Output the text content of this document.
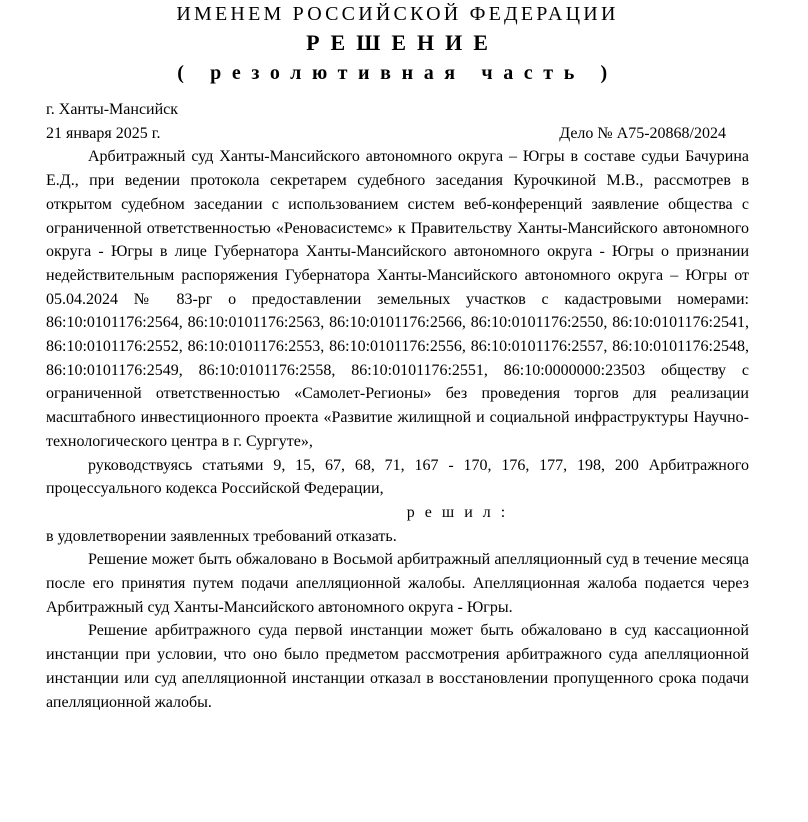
ИМЕНЕМ РОССИЙСКОЙ ФЕДЕРАЦИИ
РЕШЕНИЕ
( резолютивная часть )
г. Ханты-Мансийск
21 января 2025 г.	Дело № А75-20868/2024

Арбитражный суд Ханты-Мансийского автономного округа – Югры в составе судьи Бачурина Е.Д., при ведении протокола секретарем судебного заседания Курочкиной М.В., рассмотрев в открытом судебном заседании с использованием систем веб-конференций заявление общества с ограниченной ответственностью «Реновасистемс» к Правительству Ханты-Мансийского автономного округа - Югры в лице Губернатора Ханты-Мансийского автономного округа - Югры о признании недействительным распоряжения Губернатора Ханты-Мансийского автономного округа – Югры от 05.04.2024 № 83-рг о предоставлении земельных участков с кадастровыми номерами: 86:10:0101176:2564, 86:10:0101176:2563, 86:10:0101176:2566, 86:10:0101176:2550, 86:10:0101176:2541, 86:10:0101176:2552, 86:10:0101176:2553, 86:10:0101176:2556, 86:10:0101176:2557, 86:10:0101176:2548, 86:10:0101176:2549, 86:10:0101176:2558, 86:10:0101176:2551, 86:10:0000000:23503 обществу с ограниченной ответственностью «Самолет-Регионы» без проведения торгов для реализации масштабного инвестиционного проекта «Развитие жилищной и социальной инфраструктуры Научно-технологического центра в г. Сургуте»,

руководствуясь статьями 9, 15, 67, 68, 71, 167 - 170, 176, 177, 198, 200 Арбитражного процессуального кодекса Российской Федерации,

р е ш и л :

в удовлетворении заявленных требований отказать.

Решение может быть обжаловано в Восьмой арбитражный апелляционный суд в течение месяца после его принятия путем подачи апелляционной жалобы. Апелляционная жалоба подается через Арбитражный суд Ханты-Мансийского автономного округа - Югры.

Решение арбитражного суда первой инстанции может быть обжаловано в суд кассационной инстанции при условии, что оно было предметом рассмотрения арбитражного суда апелляционной инстанции или суд апелляционной инстанции отказал в восстановлении пропущенного срока подачи апелляционной жалобы.
